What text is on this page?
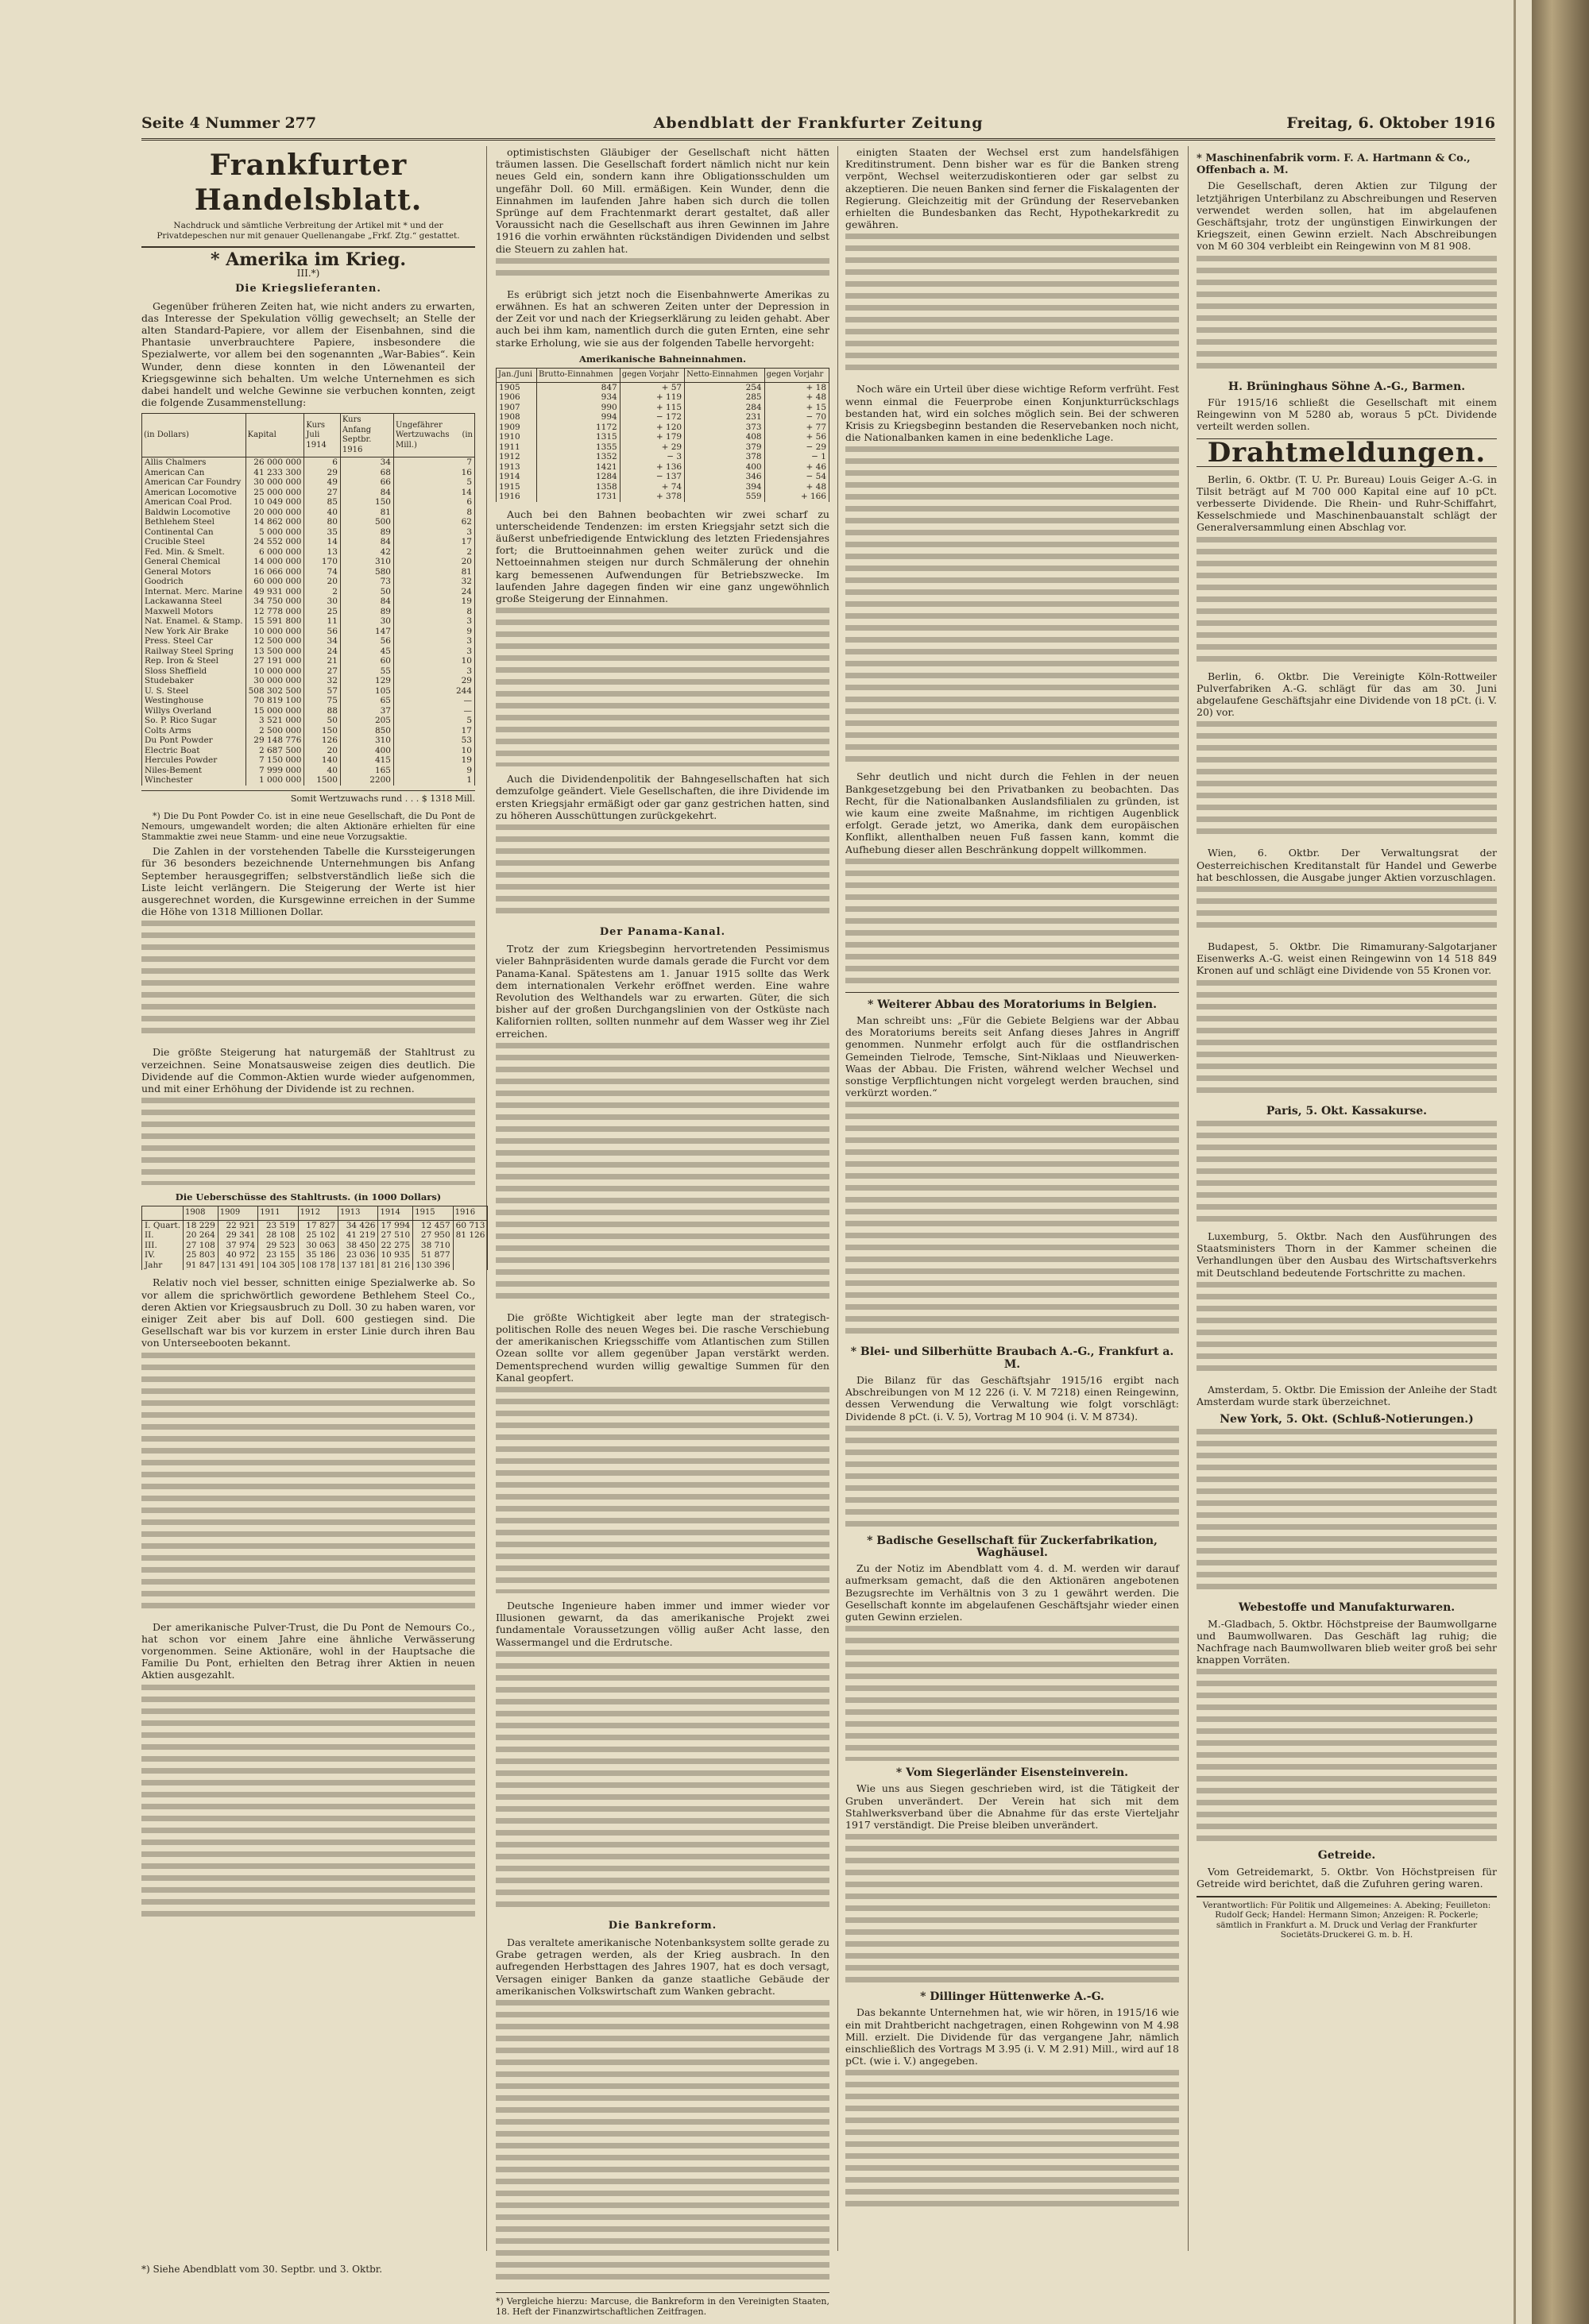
Seite 4 Nummer 277	Abendblatt der Frankfurter Zeitung	Freitag, 6. Oktober 1916
Frankfurter Handelsblatt.
Nachdruck und sämtliche Verbreitung der Artikel mit * und der Privatdepeschen nur mit genauer Quellenangabe „Frkf. Ztg.“ gestattet.
* Amerika im Krieg.
III.*)
Die Kriegslieferanten.

Gegenüber früheren Zeiten hat, wie nicht anders zu erwarten, das Interesse der Spekulation völlig gewechselt; an Stelle der alten Standard-Papiere, vor allem der Eisenbahnen, sind die Phantasie unverbrauchtere Papiere, insbesondere die Spezialwerte, vor allem bei den sogenannten „War-Babies“. Kein Wunder, denn diese konnten in den Löwenanteil der Kriegsgewinne sich behalten. Um welche Unternehmen es sich dabei handelt und welche Gewinne sie verbuchen konnten, zeigt die folgende Zusammenstellung:

(in Dollars)	Kapital	Kurs Juli 1914	Kurs Anfang Septbr. 1916	Ungefährer Wertzuwachs (in Mill.)
Allis Chalmers	26 000 000	6	34	7
American Can	41 233 300	29	68	16
American Car Foundry	30 000 000	49	66	5
American Locomotive	25 000 000	27	84	14
American Coal Prod.	10 049 000	85	150	6
Baldwin Locomotive	20 000 000	40	81	8
Bethlehem Steel	14 862 000	80	500	62
Continental Can	5 000 000	35	89	3
Crucible Steel	24 552 000	14	84	17
Fed. Min. & Smelt.	6 000 000	13	42	2
General Chemical	14 000 000	170	310	20
General Motors	16 066 000	74	580	81
Goodrich	60 000 000	20	73	32
Internat. Merc. Marine	49 931 000	2	50	24
Lackawanna Steel	34 750 000	30	84	19
Maxwell Motors	12 778 000	25	89	8
Nat. Enamel. & Stamp.	15 591 800	11	30	3
New York Air Brake	10 000 000	56	147	9
Press. Steel Car	12 500 000	34	56	3
Railway Steel Spring	13 500 000	24	45	3
Rep. Iron & Steel	27 191 000	21	60	10
Sloss Sheffield	10 000 000	27	55	3
Studebaker	30 000 000	32	129	29
U. S. Steel	508 302 500	57	105	244
Westinghouse	70 819 100	75	65	—
Willys Overland	15 000 000	88	37	—
So. P. Rico Sugar	3 521 000	50	205	5
Colts Arms	2 500 000	150	850	17
Du Pont Powder	29 148 776	126	310	53
Electric Boat	2 687 500	20	400	10
Hercules Powder	7 150 000	140	415	19
Niles-Bement	7 999 000	40	165	9
Winchester	1 000 000	1500	2200	1
Somit Wertzuwachs rund . . . $ 1318 Mill.

*) Die Du Pont Powder Co. ist in eine neue Gesellschaft, die Du Pont de Nemours, umgewandelt worden; die alten Aktionäre erhielten für eine Stammaktie zwei neue Stamm- und eine neue Vorzugsaktie.

Die Zahlen in der vorstehenden Tabelle die Kurssteigerungen für 36 besonders bezeichnende Unternehmungen bis Anfang September herausgegriffen; selbstverständlich ließe sich die Liste leicht verlängern. Die Steigerung der Werte ist hier ausgerechnet worden, die Kursgewinne erreichen in der Summe die Höhe von 1318 Millionen Dollar.

Die größte Steigerung hat naturgemäß der Stahltrust zu verzeichnen. Seine Monatsausweise zeigen dies deutlich. Die Dividende auf die Common-Aktien wurde wieder aufgenommen, und mit einer Erhöhung der Dividende ist zu rechnen.

Die Ueberschüsse des Stahltrusts. (in 1000 Dollars)
	1908	1909	1911	1912	1913	1914	1915	1916
I. Quart.	18 229	22 921	23 519	17 827	34 426	17 994	12 457	60 713
II.	20 264	29 341	28 108	25 102	41 219	27 510	27 950	81 126
III.	27 108	37 974	29 523	30 063	38 450	22 275	38 710	
IV.	25 803	40 972	23 155	35 186	23 036	10 935	51 877	
Jahr	91 847	131 491	104 305	108 178	137 181	81 216	130 396	

Relativ noch viel besser, schnitten einige Spezialwerke ab. So vor allem die sprichwörtlich gewordene Bethlehem Steel Co., deren Aktien vor Kriegsausbruch zu Doll. 30 zu haben waren, vor einiger Zeit aber bis auf Doll. 600 gestiegen sind. Die Gesellschaft war bis vor kurzem in erster Linie durch ihren Bau von Unterseebooten bekannt.

Der amerikanische Pulver-Trust, die Du Pont de Nemours Co., hat schon vor einem Jahre eine ähnliche Verwässerung vorgenommen. Seine Aktionäre, wohl in der Hauptsache die Familie Du Pont, erhielten den Betrag ihrer Aktien in neuen Aktien ausgezahlt.

optimistischsten Gläubiger der Gesellschaft nicht hätten träumen lassen. Die Gesellschaft fordert nämlich nicht nur kein neues Geld ein, sondern kann ihre Obligationsschulden um ungefähr Doll. 60 Mill. ermäßigen. Kein Wunder, denn die Einnahmen im laufenden Jahre haben sich durch die tollen Sprünge auf dem Frachtenmarkt derart gestaltet, daß aller Voraussicht nach die Gesellschaft aus ihren Gewinnen im Jahre 1916 die vorhin erwähnten rückständigen Dividenden und selbst die Steuern zu zahlen hat.

Es erübrigt sich jetzt noch die Eisenbahnwerte Amerikas zu erwähnen. Es hat an schweren Zeiten unter der Depression in der Zeit vor und nach der Kriegserklärung zu leiden gehabt. Aber auch bei ihm kam, namentlich durch die guten Ernten, eine sehr starke Erholung, wie sie aus der folgenden Tabelle hervorgeht:

Amerikanische Bahneinnahmen.
Jan./Juni	Brutto-Einnahmen	gegen Vorjahr	Netto-Einnahmen	gegen Vorjahr
1905	847	+ 57	254	+ 18
1906	934	+ 119	285	+ 48
1907	990	+ 115	284	+ 15
1908	994	− 172	231	− 70
1909	1172	+ 120	373	+ 77
1910	1315	+ 179	408	+ 56
1911	1355	+ 29	379	− 29
1912	1352	− 3	378	− 1
1913	1421	+ 136	400	+ 46
1914	1284	− 137	346	− 54
1915	1358	+ 74	394	+ 48
1916	1731	+ 378	559	+ 166

Auch bei den Bahnen beobachten wir zwei scharf zu unterscheidende Tendenzen: im ersten Kriegsjahr setzt sich die äußerst unbefriedigende Entwicklung des letzten Friedensjahres fort; die Bruttoeinnahmen gehen weiter zurück und die Nettoeinnahmen steigen nur durch Schmälerung der ohnehin karg bemessenen Aufwendungen für Betriebszwecke. Im laufenden Jahre dagegen finden wir eine ganz ungewöhnlich große Steigerung der Einnahmen.

Auch die Dividendenpolitik der Bahngesellschaften hat sich demzufolge geändert. Viele Gesellschaften, die ihre Dividende im ersten Kriegsjahr ermäßigt oder gar ganz gestrichen hatten, sind zu höheren Ausschüttungen zurückgekehrt.

Der Panama-Kanal.

Trotz der zum Kriegsbeginn hervortretenden Pessimismus vieler Bahnpräsidenten wurde damals gerade die Furcht vor dem Panama-Kanal. Spätestens am 1. Januar 1915 sollte das Werk dem internationalen Verkehr eröffnet werden. Eine wahre Revolution des Welthandels war zu erwarten. Güter, die sich bisher auf der großen Durchgangslinien von der Ostküste nach Kalifornien rollten, sollten nunmehr auf dem Wasser weg ihr Ziel erreichen.

Die größte Wichtigkeit aber legte man der strategisch-politischen Rolle des neuen Weges bei. Die rasche Verschiebung der amerikanischen Kriegsschiffe vom Atlantischen zum Stillen Ozean sollte vor allem gegenüber Japan verstärkt werden. Dementsprechend wurden willig gewaltige Summen für den Kanal geopfert.

Deutsche Ingenieure haben immer und immer wieder vor Illusionen gewarnt, da das amerikanische Projekt zwei fundamentale Voraussetzungen völlig außer Acht lasse, den Wassermangel und die Erdrutsche.

Die Bankreform.

Das veraltete amerikanische Notenbanksystem sollte gerade zu Grabe getragen werden, als der Krieg ausbrach. In den aufregenden Herbsttagen des Jahres 1907, hat es doch versagt, Versagen einiger Banken da ganze staatliche Gebäude der amerikanischen Volkswirtschaft zum Wanken gebracht.

*) Vergleiche hierzu: Marcuse, die Bankreform in den Vereinigten Staaten, 18. Heft der Finanzwirtschaftlichen Zeitfragen.

einigten Staaten der Wechsel erst zum handelsfähigen Kreditinstrument. Denn bisher war es für die Banken streng verpönt, Wechsel weiterzudiskontieren oder gar selbst zu akzeptieren. Die neuen Banken sind ferner die Fiskalagenten der Regierung. Gleichzeitig mit der Gründung der Reservebanken erhielten die Bundesbanken das Recht, Hypothekarkredit zu gewähren.

Noch wäre ein Urteil über diese wichtige Reform verfrüht. Fest wenn einmal die Feuerprobe einen Konjunkturrückschlags bestanden hat, wird ein solches möglich sein. Bei der schweren Krisis zu Kriegsbeginn bestanden die Reservebanken noch nicht, die Nationalbanken kamen in eine bedenkliche Lage.

Sehr deutlich und nicht durch die Fehlen in der neuen Bankgesetzgebung bei den Privatbanken zu beobachten. Das Recht, für die Nationalbanken Auslandsfilialen zu gründen, ist wie kaum eine zweite Maßnahme, im richtigen Augenblick erfolgt. Gerade jetzt, wo Amerika, dank dem europäischen Konflikt, allenthalben neuen Fuß fassen kann, kommt die Aufhebung dieser allen Beschränkung doppelt willkommen.

* Weiterer Abbau des Moratoriums in Belgien.

Man schreibt uns: „Für die Gebiete Belgiens war der Abbau des Moratoriums bereits seit Anfang dieses Jahres in Angriff genommen. Nunmehr erfolgt auch für die ostflandrischen Gemeinden Tielrode, Temsche, Sint-Niklaas und Nieuwerken-Waas der Abbau. Die Fristen, während welcher Wechsel und sonstige Verpflichtungen nicht vorgelegt werden brauchen, sind verkürzt worden.“

* Blei- und Silberhütte Braubach A.-G., Frankfurt a. M.

Die Bilanz für das Geschäftsjahr 1915/16 ergibt nach Abschreibungen von M 12 226 (i. V. M 7218) einen Reingewinn, dessen Verwendung die Verwaltung wie folgt vorschlägt: Dividende 8 pCt. (i. V. 5), Vortrag M 10 904 (i. V. M 8734).

* Badische Gesellschaft für Zuckerfabrikation, Waghäusel.

Zu der Notiz im Abendblatt vom 4. d. M. werden wir darauf aufmerksam gemacht, daß die den Aktionären angebotenen Bezugsrechte im Verhältnis von 3 zu 1 gewährt werden. Die Gesellschaft konnte im abgelaufenen Geschäftsjahr wieder einen guten Gewinn erzielen.

* Vom Siegerländer Eisensteinverein.

Wie uns aus Siegen geschrieben wird, ist die Tätigkeit der Gruben unverändert. Der Verein hat sich mit dem Stahlwerksverband über die Abnahme für das erste Vierteljahr 1917 verständigt. Die Preise bleiben unverändert.

* Dillinger Hüttenwerke A.-G.

Das bekannte Unternehmen hat, wie wir hören, in 1915/16 wie ein mit Drahtbericht nachgetragen, einen Rohgewinn von M 4.98 Mill. erzielt. Die Dividende für das vergangene Jahr, nämlich einschließlich des Vortrags M 3.95 (i. V. M 2.91) Mill., wird auf 18 pCt. (wie i. V.) angegeben.

* Maschinenfabrik vorm. F. A. Hartmann & Co., Offenbach a. M.

Die Gesellschaft, deren Aktien zur Tilgung der letztjährigen Unterbilanz zu Abschreibungen und Reserven verwendet werden sollen, hat im abgelaufenen Geschäftsjahr, trotz der ungünstigen Einwirkungen der Kriegszeit, einen Gewinn erzielt. Nach Abschreibungen von M 60 304 verbleibt ein Reingewinn von M 81 908.

H. Brüninghaus Söhne A.-G., Barmen.

Für 1915/16 schließt die Gesellschaft mit einem Reingewinn von M 5280 ab, woraus 5 pCt. Dividende verteilt werden sollen.

Drahtmeldungen.

Berlin, 6. Oktbr. (T. U. Pr. Bureau) Louis Geiger A.-G. in Tilsit beträgt auf M 700 000 Kapital eine auf 10 pCt. verbesserte Dividende. Die Rhein- und Ruhr-Schiffahrt, Kesselschmiede und Maschinenbauanstalt schlägt der Generalversammlung einen Abschlag vor.

Berlin, 6. Oktbr. Die Vereinigte Köln-Rottweiler Pulverfabriken A.-G. schlägt für das am 30. Juni abgelaufene Geschäftsjahr eine Dividende von 18 pCt. (i. V. 20) vor.

Wien, 6. Oktbr. Der Verwaltungsrat der Oesterreichischen Kreditanstalt für Handel und Gewerbe hat beschlossen, die Ausgabe junger Aktien vorzuschlagen.

Budapest, 5. Oktbr. Die Rimamurany-Salgotarjaner Eisenwerks A.-G. weist einen Reingewinn von 14 518 849 Kronen auf und schlägt eine Dividende von 55 Kronen vor.

Paris, 5. Okt. Kassakurse.

Luxemburg, 5. Oktbr. Nach den Ausführungen des Staatsministers Thorn in der Kammer scheinen die Verhandlungen über den Ausbau des Wirtschaftsverkehrs mit Deutschland bedeutende Fortschritte zu machen.

Amsterdam, 5. Oktbr. Die Emission der Anleihe der Stadt Amsterdam wurde stark überzeichnet.

New York, 5. Okt. (Schluß-Notierungen.)
Webestoffe und Manufakturwaren.

M.-Gladbach, 5. Oktbr. Höchstpreise der Baumwollgarne und Baumwollwaren. Das Geschäft lag ruhig; die Nachfrage nach Baumwollwaren blieb weiter groß bei sehr knappen Vorräten.

Getreide.

Vom Getreidemarkt, 5. Oktbr. Von Höchstpreisen für Getreide wird berichtet, daß die Zufuhren gering waren.

Verantwortlich: Für Politik und Allgemeines: A. Abeking; Feuilleton: Rudolf Geck; Handel: Hermann Simon; Anzeigen: R. Pockerle; sämtlich in Frankfurt a. M. Druck und Verlag der Frankfurter Societäts-Druckerei G. m. b. H.
*) Siehe Abendblatt vom 30. Septbr. und 3. Oktbr.
